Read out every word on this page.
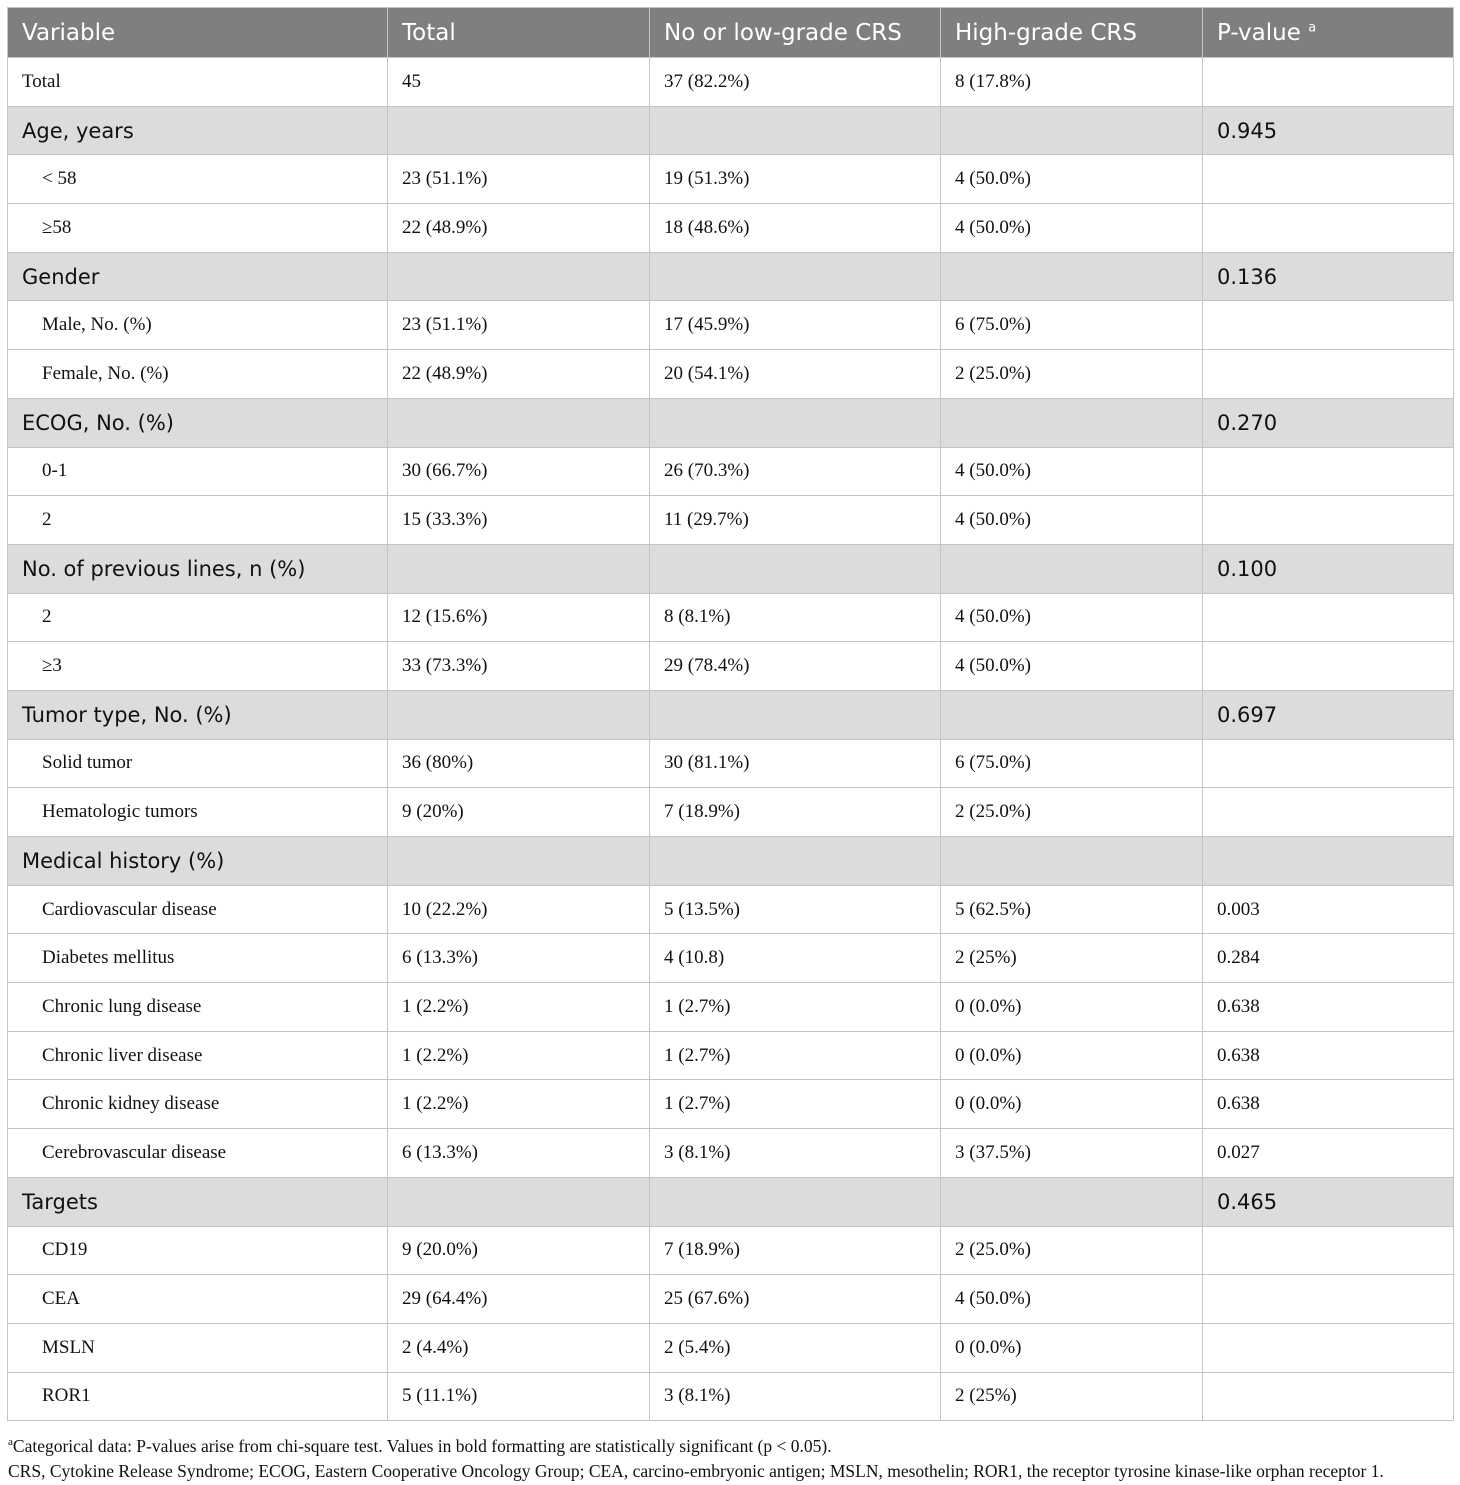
Variable	Total	No or low-grade CRS	High-grade CRS	P-value $^a$
Total	45	37 (82.2%)	8 (17.8%)	
Age, years				0.945
< 58	23 (51.1%)	19 (51.3%)	4 (50.0%)	
≥58	22 (48.9%)	18 (48.6%)	4 (50.0%)	
Gender				0.136
Male, No. (%)	23 (51.1%)	17 (45.9%)	6 (75.0%)	
Female, No. (%)	22 (48.9%)	20 (54.1%)	2 (25.0%)	
ECOG, No. (%)				0.270
0-1	30 (66.7%)	26 (70.3%)	4 (50.0%)	
2	15 (33.3%)	11 (29.7%)	4 (50.0%)	
No. of previous lines, n (%)				0.100
2	12 (15.6%)	8 (8.1%)	4 (50.0%)	
≥3	33 (73.3%)	29 (78.4%)	4 (50.0%)	
Tumor type, No. (%)				0.697
Solid tumor	36 (80%)	30 (81.1%)	6 (75.0%)	
Hematologic tumors	9 (20%)	7 (18.9%)	2 (25.0%)	
Medical history (%)				
Cardiovascular disease	10 (22.2%)	5 (13.5%)	5 (62.5%)	0.003
Diabetes mellitus	6 (13.3%)	4 (10.8)	2 (25%)	0.284
Chronic lung disease	1 (2.2%)	1 (2.7%)	0 (0.0%)	0.638
Chronic liver disease	1 (2.2%)	1 (2.7%)	0 (0.0%)	0.638
Chronic kidney disease	1 (2.2%)	1 (2.7%)	0 (0.0%)	0.638
Cerebrovascular disease	6 (13.3%)	3 (8.1%)	3 (37.5%)	0.027
Targets				0.465
CD19	9 (20.0%)	7 (18.9%)	2 (25.0%)	
CEA	29 (64.4%)	25 (67.6%)	4 (50.0%)	
MSLN	2 (4.4%)	2 (5.4%)	0 (0.0%)	
ROR1	5 (11.1%)	3 (8.1%)	2 (25%)	
$^a$Categorical data: P-values arise from chi-square test. Values in bold formatting are statistically significant (p < 0.05).
CRS, Cytokine Release Syndrome; ECOG, Eastern Cooperative Oncology Group; CEA, carcino-embryonic antigen; MSLN, mesothelin; ROR1, the receptor tyrosine kinase-like orphan receptor 1.
